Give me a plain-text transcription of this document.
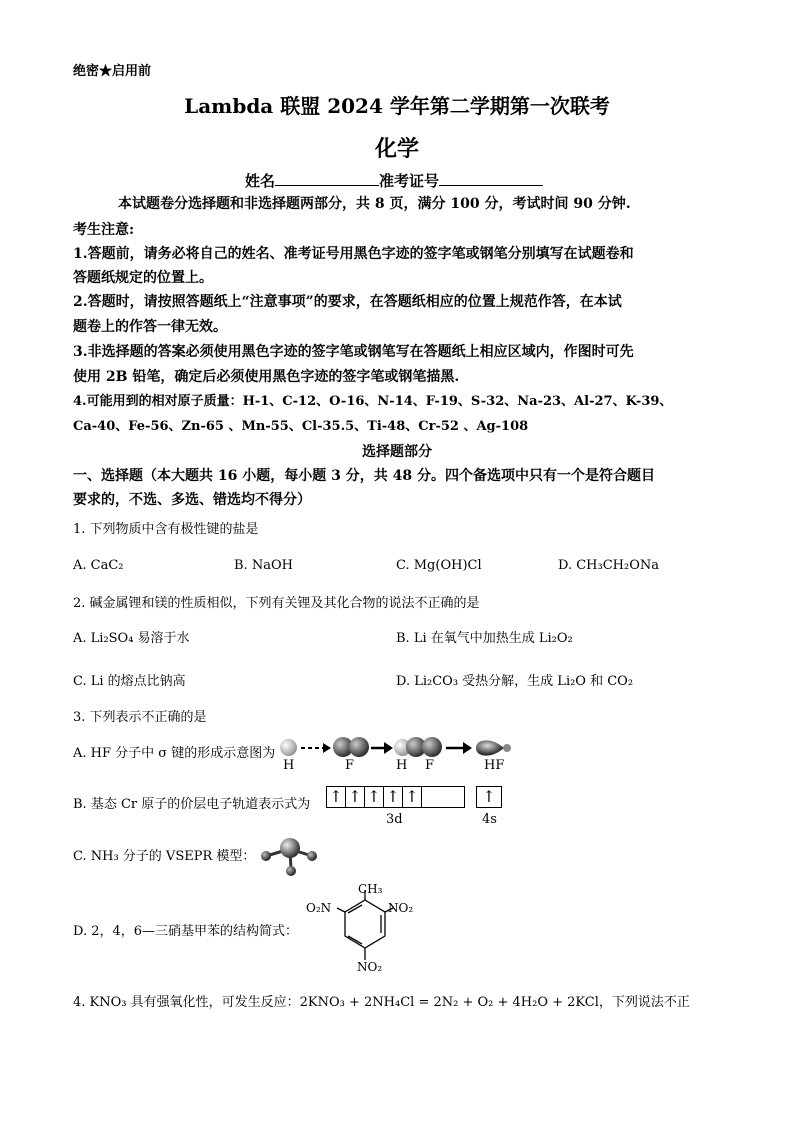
绝密★启用前
Lambda 联盟 2024 学年第二学期第一次联考
化学
姓名	准考证号
本试题卷分选择题和非选择题两部分，共 8 页，满分 100 分，考试时间 90 分钟.
考生注意:
1.答题前，请务必将自己的姓名、准考证号用黑色字迹的签字笔或钢笔分别填写在试题卷和
答题纸规定的位置上。
2.答题时，请按照答题纸上“注意事项”的要求，在答题纸相应的位置上规范作答，在本试
题卷上的作答一律无效。
3.非选择题的答案必须使用黑色字迹的签字笔或钢笔写在答题纸上相应区域内，作图时可先
使用 2B 铅笔，确定后必须使用黑色字迹的签字笔或钢笔描黑.
4.可能用到的相对原子质量：H-1、C-12、O-16、N-14、F-19、S-32、Na-23、Al-27、K-39、
Ca-40、Fe-56、Zn-65 、Mn-55、Cl-35.5、Ti-48、Cr-52 、Ag-108
选择题部分
一、选择题（本大题共 16 小题，每小题 3 分，共 48 分。四个备选项中只有一个是符合题目
要求的，不选、多选、错选均不得分）
1. 下列物质中含有极性键的盐是
A. CaC₂	B. NaOH	C. Mg(OH)Cl	D. CH₃CH₂ONa
2. 碱金属锂和镁的性质相似，下列有关锂及其化合物的说法不正确的是
A. Li₂SO₄ 易溶于水	B. Li 在氧气中加热生成 Li₂O₂
C. Li 的熔点比钠高	D. Li₂CO₃ 受热分解，生成 Li₂O 和 CO₂
3. 下列表示不正确的是
A. HF 分子中 σ 键的形成示意图为
H	F	H F	HF
B. 基态 Cr 原子的价层电子轨道表示式为 ↑ ↑ ↑ ↑ ↑	↑
3d	4s
C. NH₃ 分子的 VSEPR 模型：
D. 2，4，6—三硝基甲苯的结构简式：
CH₃
O₂N	NO₂
NO₂
4. KNO₃ 具有强氧化性，可发生反应：2KNO₃ + 2NH₄Cl = 2N₂ + O₂ + 4H₂O + 2KCl，下列说法不正
